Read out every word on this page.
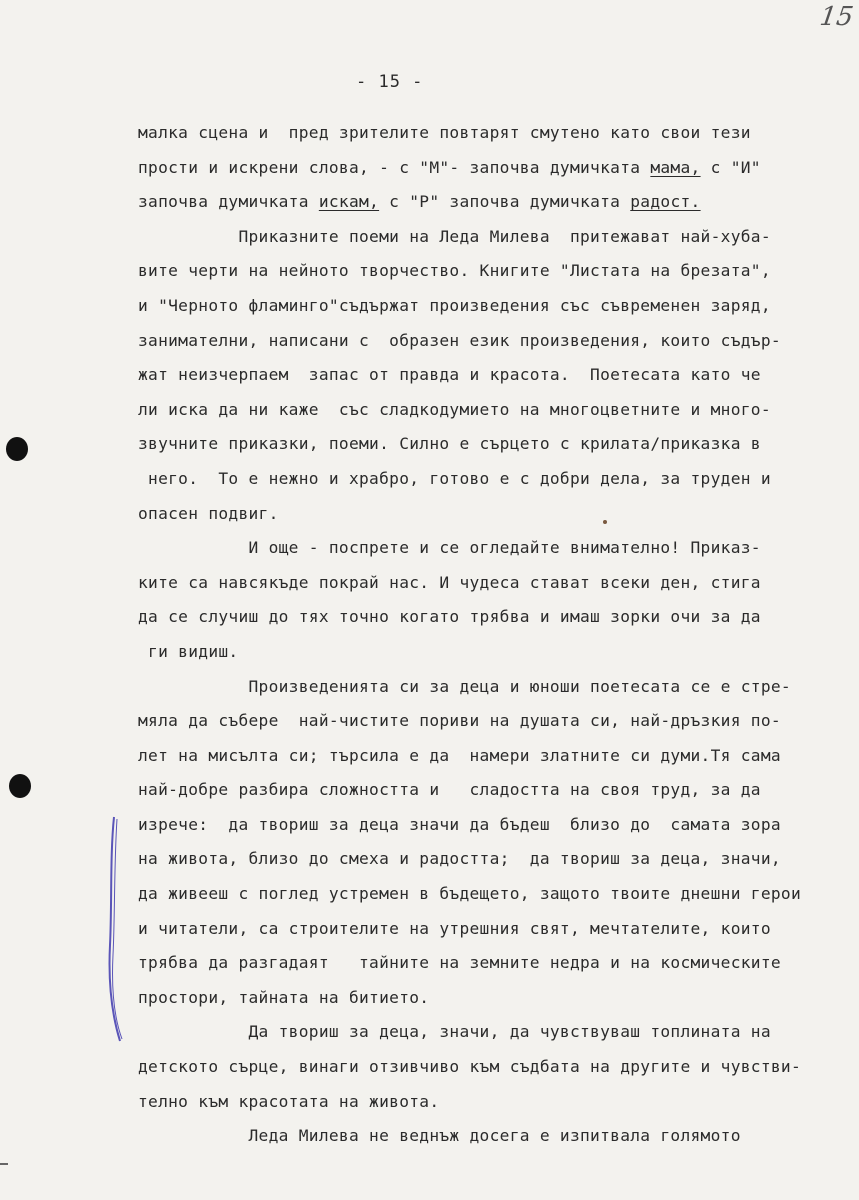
15
- 15 -
малка сцена и  пред зрителите повтарят смутено като свои тези
прости и искрени слова, - с "М"- започва думичката мама, с "И"
започва думичката искам, с "Р" започва думичката радост.
Приказните поеми на Леда Милева  притежават най-хуба-
вите черти на нейното творчество. Книгите "Листата на брезата",
и "Черното фламинго"съдържат произведения със съвременен заряд,
занимателни, написани с  образен език произведения, които съдър-
жат неизчерпаем  запас от правда и красота.  Поетесата като че
ли иска да ни каже  със сладкодумието на многоцветните и много-
звучните приказки, поеми. Силно е сърцето с крилата/приказка в
него.  То е нежно и храбро, готово е с добри дела, за труден и
опасен подвиг.
И още - поспрете и се огледайте внимателно! Приказ-
ките са навсякъде покрай нас. И чудеса стават всеки ден, стига
да се случиш до тях точно когато трябва и имаш зорки очи за да
ги видиш.
Произведенията си за деца и юноши поетесата се е стре-
мяла да събере  най-чистите пориви на душата си, най-дръзкия по-
лет на мисълта си; търсила е да  намери златните си думи.Тя сама
най-добре разбира сложността и   сладостта на своя труд, за да
изрече:  да твориш за деца значи да бъдеш  близо до  самата зора
на живота, близо до смеха и радостта;  да твориш за деца, значи,
да живееш с поглед устремен в бъдещето, защото твоите днешни герои
и читатели, са строителите на утрешния свят, мечтателите, които
трябва да разгадаят   тайните на земните недра и на космическите
простори, тайната на битието.
Да твориш за деца, значи, да чувствуваш топлината на
детското сърце, винаги отзивчиво към съдбата на другите и чувстви-
телно към красотата на живота.
Леда Милева не веднъж досега е изпитвала голямото
